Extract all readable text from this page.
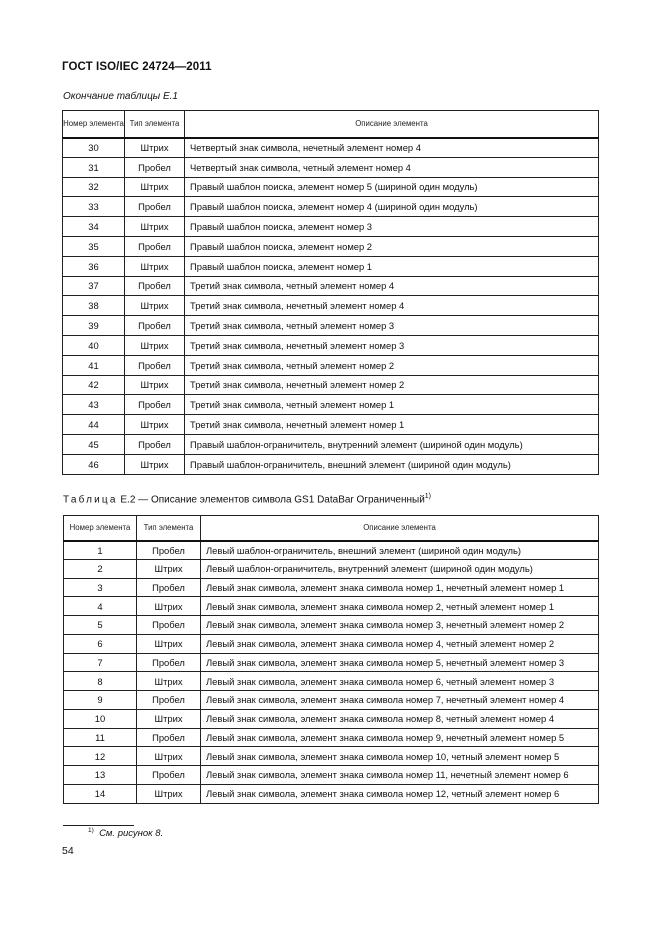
ГОСТ ISO/IEC 24724—2011
Окончание таблицы Е.1
Номер элемента	Тип элемента	Описание элемента
30	Штрих	Четвертый знак символа, нечетный элемент номер 4
31	Пробел	Четвертый знак символа, четный элемент номер 4
32	Штрих	Правый шаблон поиска, элемент номер 5 (шириной один модуль)
33	Пробел	Правый шаблон поиска, элемент номер 4 (шириной один модуль)
34	Штрих	Правый шаблон поиска, элемент номер 3
35	Пробел	Правый шаблон поиска, элемент номер 2
36	Штрих	Правый шаблон поиска, элемент номер 1
37	Пробел	Третий знак символа, четный элемент номер 4
38	Штрих	Третий знак символа, нечетный элемент номер 4
39	Пробел	Третий знак символа, четный элемент номер 3
40	Штрих	Третий знак символа, нечетный элемент номер 3
41	Пробел	Третий знак символа, четный элемент номер 2
42	Штрих	Третий знак символа, нечетный элемент номер 2
43	Пробел	Третий знак символа, четный элемент номер 1
44	Штрих	Третий знак символа, нечетный элемент номер 1
45	Пробел	Правый шаблон-ограничитель, внутренний элемент (шириной один модуль)
46	Штрих	Правый шаблон-ограничитель, внешний элемент (шириной один модуль)
Таблица Е.2 — Описание элементов символа GS1 DataBar Ограниченный$^{1)}$
Номер элемента	Тип элемента	Описание элемента
1	Пробел	Левый шаблон-ограничитель, внешний элемент (шириной один модуль)
2	Штрих	Левый шаблон-ограничитель, внутренний элемент (шириной один модуль)
3	Пробел	Левый знак символа, элемент знака символа номер 1, нечетный элемент номер 1
4	Штрих	Левый знак символа, элемент знака символа номер 2, четный элемент номер 1
5	Пробел	Левый знак символа, элемент знака символа номер 3, нечетный элемент номер 2
6	Штрих	Левый знак символа, элемент знака символа номер 4, четный элемент номер 2
7	Пробел	Левый знак символа, элемент знака символа номер 5, нечетный элемент номер 3
8	Штрих	Левый знак символа, элемент знака символа номер 6, четный элемент номер 3
9	Пробел	Левый знак символа, элемент знака символа номер 7, нечетный элемент номер 4
10	Штрих	Левый знак символа, элемент знака символа номер 8, четный элемент номер 4
11	Пробел	Левый знак символа, элемент знака символа номер 9, нечетный элемент номер 5
12	Штрих	Левый знак символа, элемент знака символа номер 10, четный элемент номер 5
13	Пробел	Левый знак символа, элемент знака символа номер 11, нечетный элемент номер 6
14	Штрих	Левый знак символа, элемент знака символа номер 12, четный элемент номер 6
$^{1)}$ См. рисунок 8.
54
